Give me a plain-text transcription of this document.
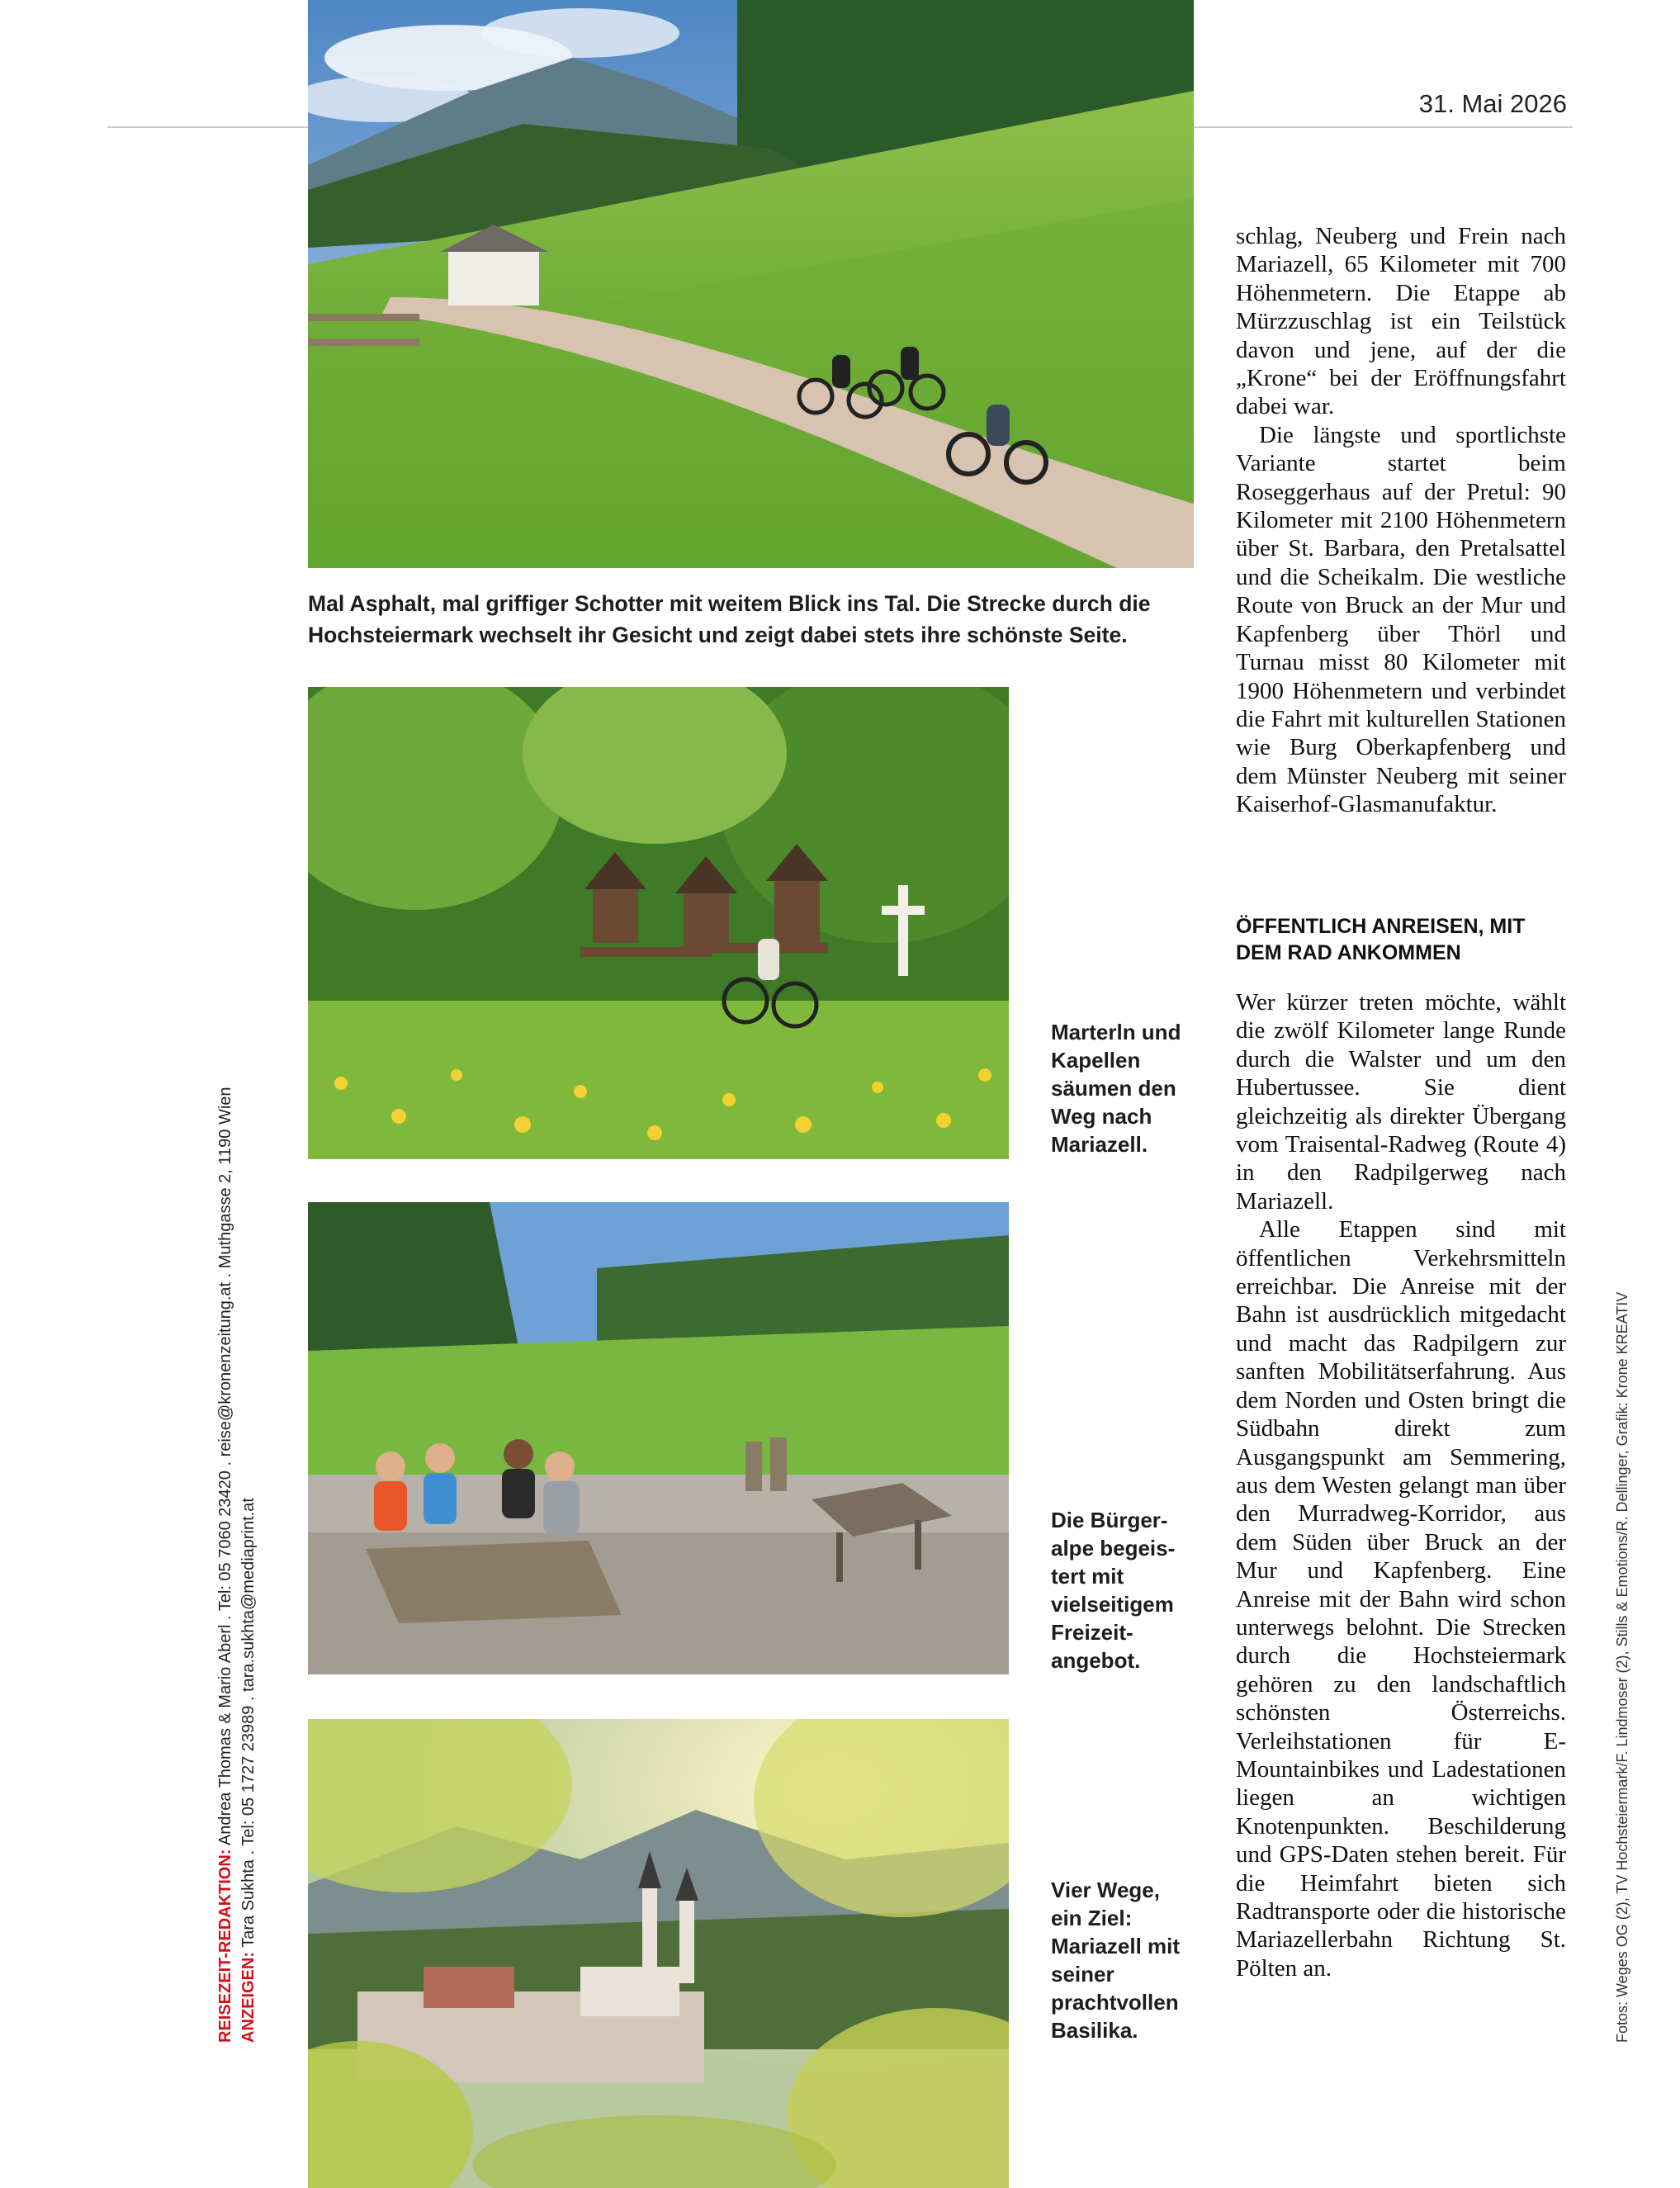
31. Mai 2026
Mal Asphalt, mal griffiger Schotter mit weitem Blick ins Tal. Die Strecke durch die Hochsteiermark wechselt ihr Gesicht und zeigt dabei stets ihre schönste Seite.
Marterln und Kapellen säumen den Weg nach Mariazell.
Die Bürger-alpe begeis-tert mit vielseitigem Freizeit-angebot.
Vier Wege, ein Ziel: Mariazell mit seiner prachtvollen Basilika.

schlag, Neuberg und Frein nach Mariazell, 65 Kilometer mit 700 Höhenmetern. Die Etappe ab Mürzzuschlag ist ein Teilstück davon und jene, auf der die „Krone“ bei der Eröffnungsfahrt dabei war.

Die längste und sportlichste Variante startet beim Roseggerhaus auf der Pretul: 90 Kilometer mit 2100 Höhenmetern über St. Barbara, den Pretalsattel und die Scheikalm. Die westliche Route von Bruck an der Mur und Kapfenberg über Thörl und Turnau misst 80 Kilometer mit 1900 Höhenmetern und verbindet die Fahrt mit kulturellen Stationen wie Burg Oberkapfenberg und dem Münster Neuberg mit seiner Kaiserhof-Glasmanufaktur.

ÖFFENTLICH ANREISEN, MIT DEM RAD ANKOMMEN

Wer kürzer treten möchte, wählt die zwölf Kilometer lange Runde durch die Walster und um den Hubertussee. Sie dient gleichzeitig als direkter Übergang vom Traisental-Radweg (Route 4) in den Radpilgerweg nach Mariazell.

Alle Etappen sind mit öffentlichen Verkehrsmitteln erreichbar. Die Anreise mit der Bahn ist ausdrücklich mitgedacht und macht das Radpilgern zur sanften Mobilitätserfahrung. Aus dem Norden und Osten bringt die Südbahn direkt zum Ausgangspunkt am Semmering, aus dem Westen gelangt man über den Murradweg-Korridor, aus dem Süden über Bruck an der Mur und Kapfenberg. Eine Anreise mit der Bahn wird schon unterwegs belohnt. Die Strecken durch die Hochsteiermark gehören zu den landschaftlich schönsten Österreichs. Verleihstationen für E-Mountainbikes und Ladestationen liegen an wichtigen Knotenpunkten. Beschilderung und GPS-Daten stehen bereit. Für die Heimfahrt bieten sich Radtransporte oder die historische Mariazellerbahn Richtung St. Pölten an.

REISEZEIT-REDAKTION: Andrea Thomas & Mario Aberl . Tel: 05 7060 23420 . reise@kronenzeitung.at . Muthgasse 2, 1190 Wien
ANZEIGEN: Tara Sukhta . Tel: 05 1727 23989 . tara.sukhta@mediaprint.at	Fotos: Weges OG (2), TV Hochsteiermark/F. Lindmoser (2), Stills & Emotions/R. Dellinger, Grafik: Krone KREATIV
